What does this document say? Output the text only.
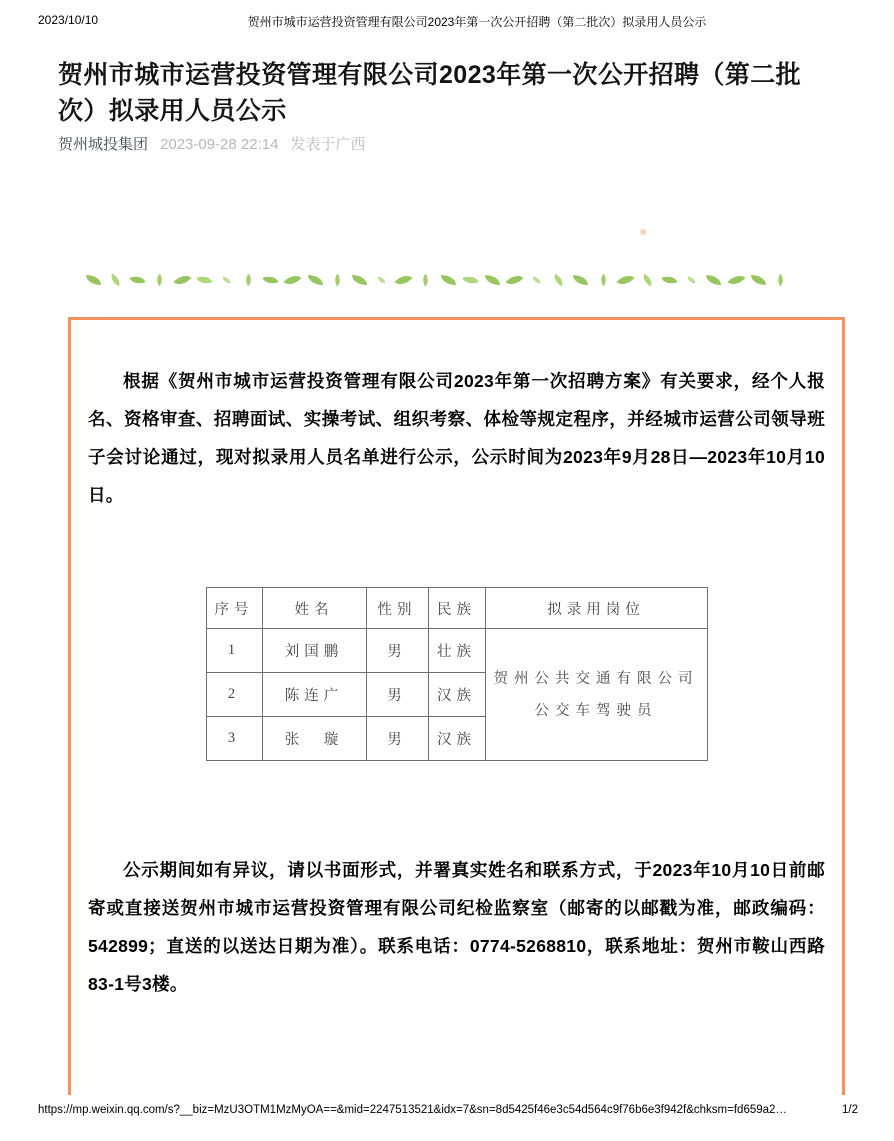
2023/10/10	贺州市城市运营投资管理有限公司2023年第一次公开招聘（第二批次）拟录用人员公示
贺州市城市运营投资管理有限公司2023年第一次公开招聘（第二批次）拟录用人员公示
贺州城投集团 2023-09-28 22:14 发表于广西

根据《贺州市城市运营投资管理有限公司2023年第一次招聘方案》有关要求，经个人报名、资格审查、招聘面试、实操考试、组织考察、体检等规定程序，并经城市运营公司领导班子会讨论通过，现对拟录用人员名单进行公示，公示时间为2023年9月28日—2023年10月10日。

序号	姓名	性别	民族	拟录用岗位
1	刘国鹏	男	壮族	贺州公共交通有限公司
公交车驾驶员

2	陈连广	男	汉族	
3	张　璇	男	汉族	

公示期间如有异议，请以书面形式，并署真实姓名和联系方式，于2023年10月10日前邮寄或直接送贺州市城市运营投资管理有限公司纪检监察室（邮寄的以邮戳为准，邮政编码：542899；直送的以送达日期为准）。联系电话：0774-5268810，联系地址：贺州市鞍山西路83-1号3楼。

https://mp.weixin.qq.com/s?__biz=MzU3OTM1MzMyOA==&mid=2247513521&idx=7&sn=8d5425f46e3c54d564c9f76b6e3f942f&chksm=fd659a2…	1/2
